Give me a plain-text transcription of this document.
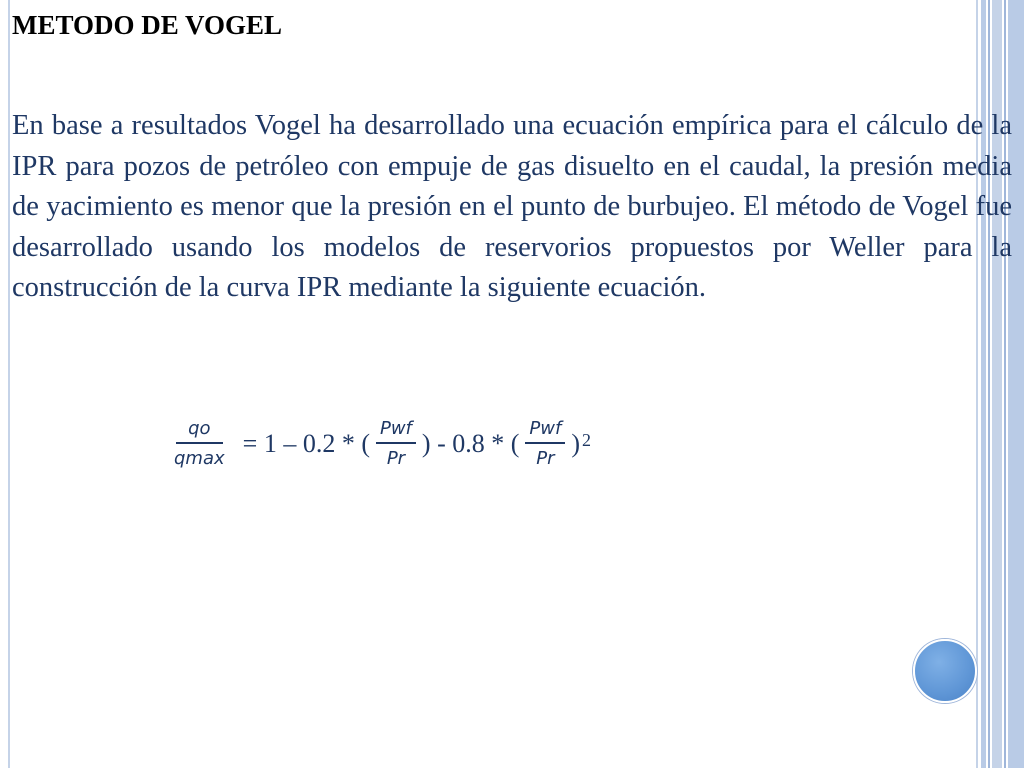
METODO DE VOGEL

En base a resultados Vogel ha desarrollado una ecuación empírica para el cálculo de la IPR para pozos de petróleo con empuje de gas disuelto en el caudal, la presión media de yacimiento es menor que la presión en el punto de burbujeo. El método de Vogel fue desarrollado usando los modelos de reservorios propuestos por Weller para la construcción de la curva IPR mediante la siguiente ecuación.

$\frac{qo}{qmax} = 1 - 0.2$ * ( $\frac{\text{Pwf}}{Pr}$ ) - 0.8 * ( $\frac{\text{Pwf}}{Pr}$ ) 2
